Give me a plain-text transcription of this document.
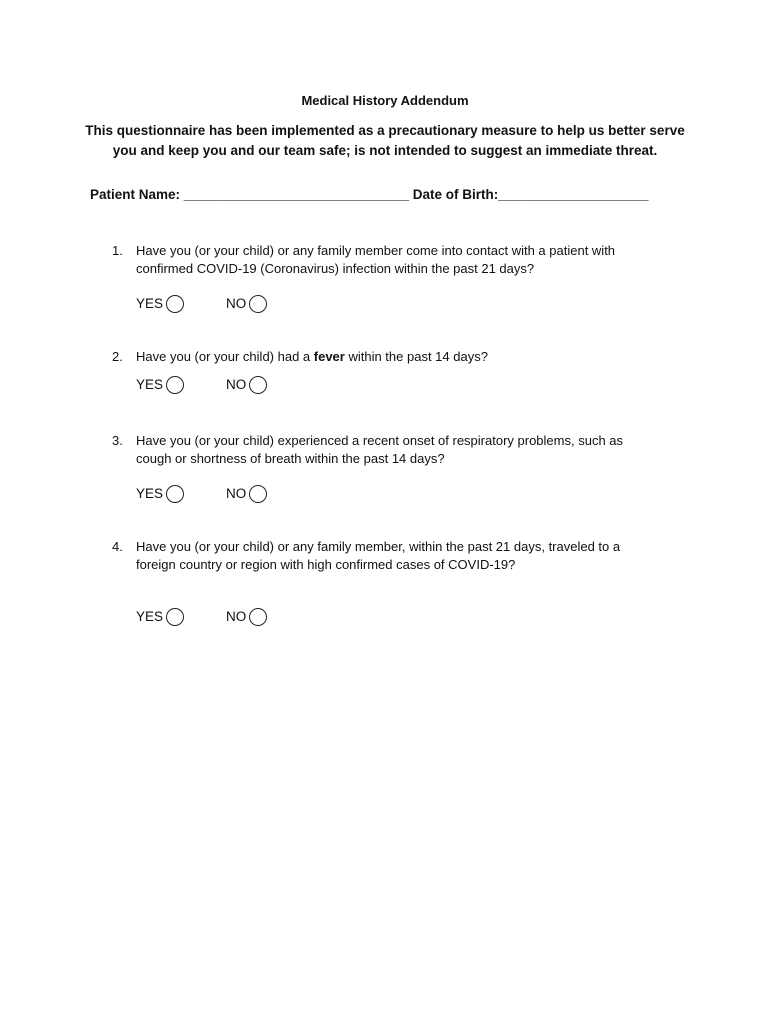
Medical History Addendum
This questionnaire has been implemented as a precautionary measure to help us better serve
you and keep you and our team safe; is not intended to suggest an immediate threat.
Patient Name: ______________________________ Date of Birth:____________________
1. Have you (or your child) or any family member come into contact with a patient with
confirmed COVID-19 (Coronavirus) infection within the past 21 days?
YES	NO
2. Have you (or your child) had a fever within the past 14 days?
YES	NO
3. Have you (or your child) experienced a recent onset of respiratory problems, such as
cough or shortness of breath within the past 14 days?
YES	NO
4. Have you (or your child) or any family member, within the past 21 days, traveled to a
foreign country or region with high confirmed cases of COVID-19?
YES	NO
